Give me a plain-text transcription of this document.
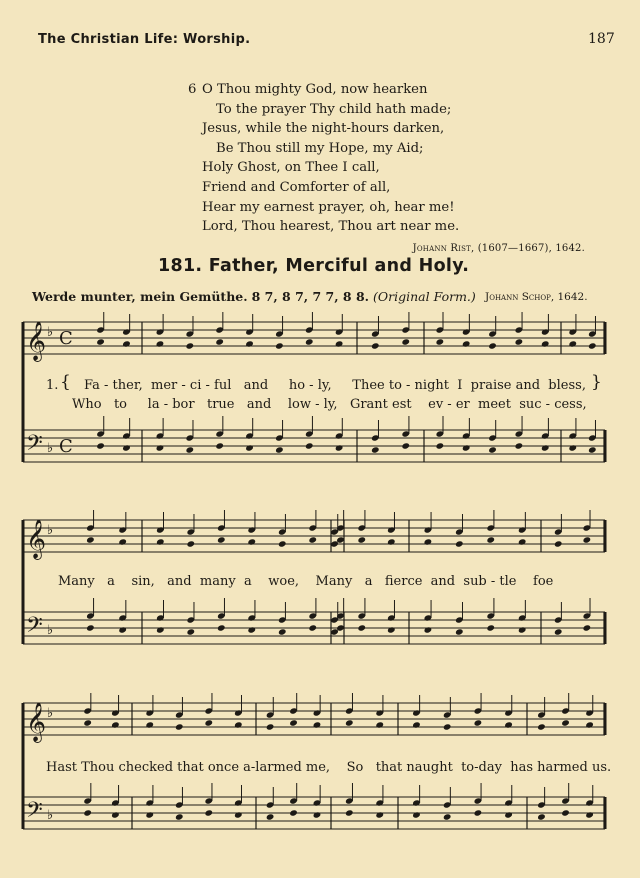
The Christian Life: Worship.	187
6 O Thou mighty God, now hearken
To the prayer Thy child hath made;
Jesus, while the night-hours darken,
Be Thou still my Hope, my Aid;
Holy Ghost, on Thee I call,
Friend and Comforter of all,
Hear my earnest prayer, oh, hear me!
Lord, Thou hearest, Thou art near me.
Johann Rist, (1607—1667), 1642.
181. Father, Merciful and Holy.
Werde munter, mein Gemüthe. 8 7, 8 7, 7 7, 8 8. (Original Form.) Johann Schop, 1642.
𝄞 ♭ C
𝄢 ♭ C
𝄞 ♭
𝄢 ♭
𝄞 ♭
𝄢 ♭
1. {	}
Fa - ther,  mer - ci - ful   and     ho - ly,     Thee to - night  I  praise and  bless,
Who   to     la - bor   true   and    low - ly,   Grant est    ev - er  meet  suc - cess,
Many   a    sin,   and  many  a    woe,    Many   a   fierce  and  sub - tle    foe
Hast Thou checked that once a-larmed me,    So   that naught  to-day  has harmed us.
